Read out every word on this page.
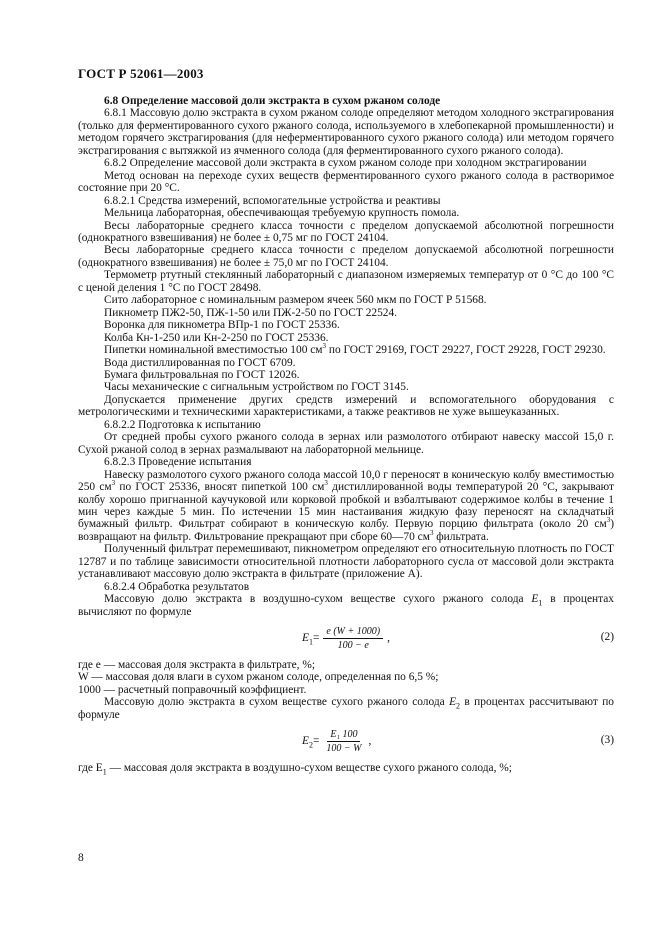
ГОСТ Р 52061—2003

6.8 Определение массовой доли экстракта в сухом ржаном солоде

6.8.1 Массовую долю экстракта в сухом ржаном солоде определяют методом холодного экстрагирования (только для ферментированного сухого ржаного солода, используемого в хлебопекарной промышленности) и методом горячего экстрагирования (для неферментированного сухого ржаного солода) или методом горячего экстрагирования с вытяжкой из ячменного солода (для ферментированного сухого ржаного солода).

6.8.2 Определение массовой доли экстракта в сухом ржаном солоде при холодном экстрагировании

Метод основан на переходе сухих веществ ферментированного сухого ржаного солода в растворимое состояние при 20 °С.

6.8.2.1 Средства измерений, вспомогательные устройства и реактивы

Мельница лабораторная, обеспечивающая требуемую крупность помола.

Весы лабораторные среднего класса точности с пределом допускаемой абсолютной погрешности (однократного взвешивания) не более ± 0,75 мг по ГОСТ 24104.

Весы лабораторные среднего класса точности с пределом допускаемой абсолютной погрешности (однократного взвешивания) не более ± 75,0 мг по ГОСТ 24104.

Термометр ртутный стеклянный лабораторный с диапазоном измеряемых температур от 0 °С до 100 °С с ценой деления 1 °С по ГОСТ 28498.

Сито лабораторное с номинальным размером ячеек 560 мкм по ГОСТ Р 51568.

Пикнометр ПЖ2-50, ПЖ-1-50 или ПЖ-2-50 по ГОСТ 22524.

Воронка для пикнометра ВПр-1 по ГОСТ 25336.

Колба Кн-1-250 или Кн-2-250 по ГОСТ 25336.

Пипетки номинальной вместимостью 100 $см^3$ по ГОСТ 29169, ГОСТ 29227, ГОСТ 29228, ГОСТ 29230.

Вода дистиллированная по ГОСТ 6709.

Бумага фильтровальная по ГОСТ 12026.

Часы механические с сигнальным устройством по ГОСТ 3145.

Допускается применение других средств измерений и вспомогательного оборудования с метрологическими и техническими характеристиками, а также реактивов не хуже вышеуказанных.

6.8.2.2 Подготовка к испытанию

От средней пробы сухого ржаного солода в зернах или размолотого отбирают навеску массой 15,0 г. Сухой ржаной солод в зернах размалывают на лабораторной мельнице.

6.8.2.3 Проведение испытания

Навеску размолотого сухого ржаного солода массой 10,0 г переносят в коническую колбу вместимостью 250 $см^3$ по ГОСТ 25336, вносят пипеткой 100 $см^3$ дистиллированной воды температурой 20 °С, закрывают колбу хорошо пригнанной каучуковой или корковой пробкой и взбалтывают содержимое колбы в течение 1 мин через каждые 5 мин. По истечении 15 мин настаивания жидкую фазу переносят на складчатый бумажный фильтр. Фильтрат собирают в коническую колбу. Первую порцию фильтрата (около 20 $см^3$) возвращают на фильтр. Фильтрование прекращают при сборе 60—70 $см^3$ фильтрата.

Полученный фильтрат перемешивают, пикнометром определяют его относительную плотность по ГОСТ 12787 и по таблице зависимости относительной плотности лабораторного сусла от массовой доли экстракта устанавливают массовую долю экстракта в фильтрате (приложение А).

6.8.2.4 Обработка результатов

Массовую долю экстракта в воздушно-сухом веществе сухого ржаного солода $E_1$ в процентах вычисляют по формуле

$E_1 = \frac{e (W + 1000)}{100 - e}$ ,	(2)

где e — массовая доля экстракта в фильтрате, %;

W — массовая доля влаги в сухом ржаном солоде, определенная по 6,5 %;

1000 — расчетный поправочный коэффициент.

Массовую долю экстракта в сухом веществе сухого ржаного солода $E_2$ в процентах рассчитывают по формуле

$E_2 = \frac{\text{E₁ 100}}{100 - W}$ ,	(3)

где $E_1$ — массовая доля экстракта в воздушно-сухом веществе сухого ржаного солода, %;

8
